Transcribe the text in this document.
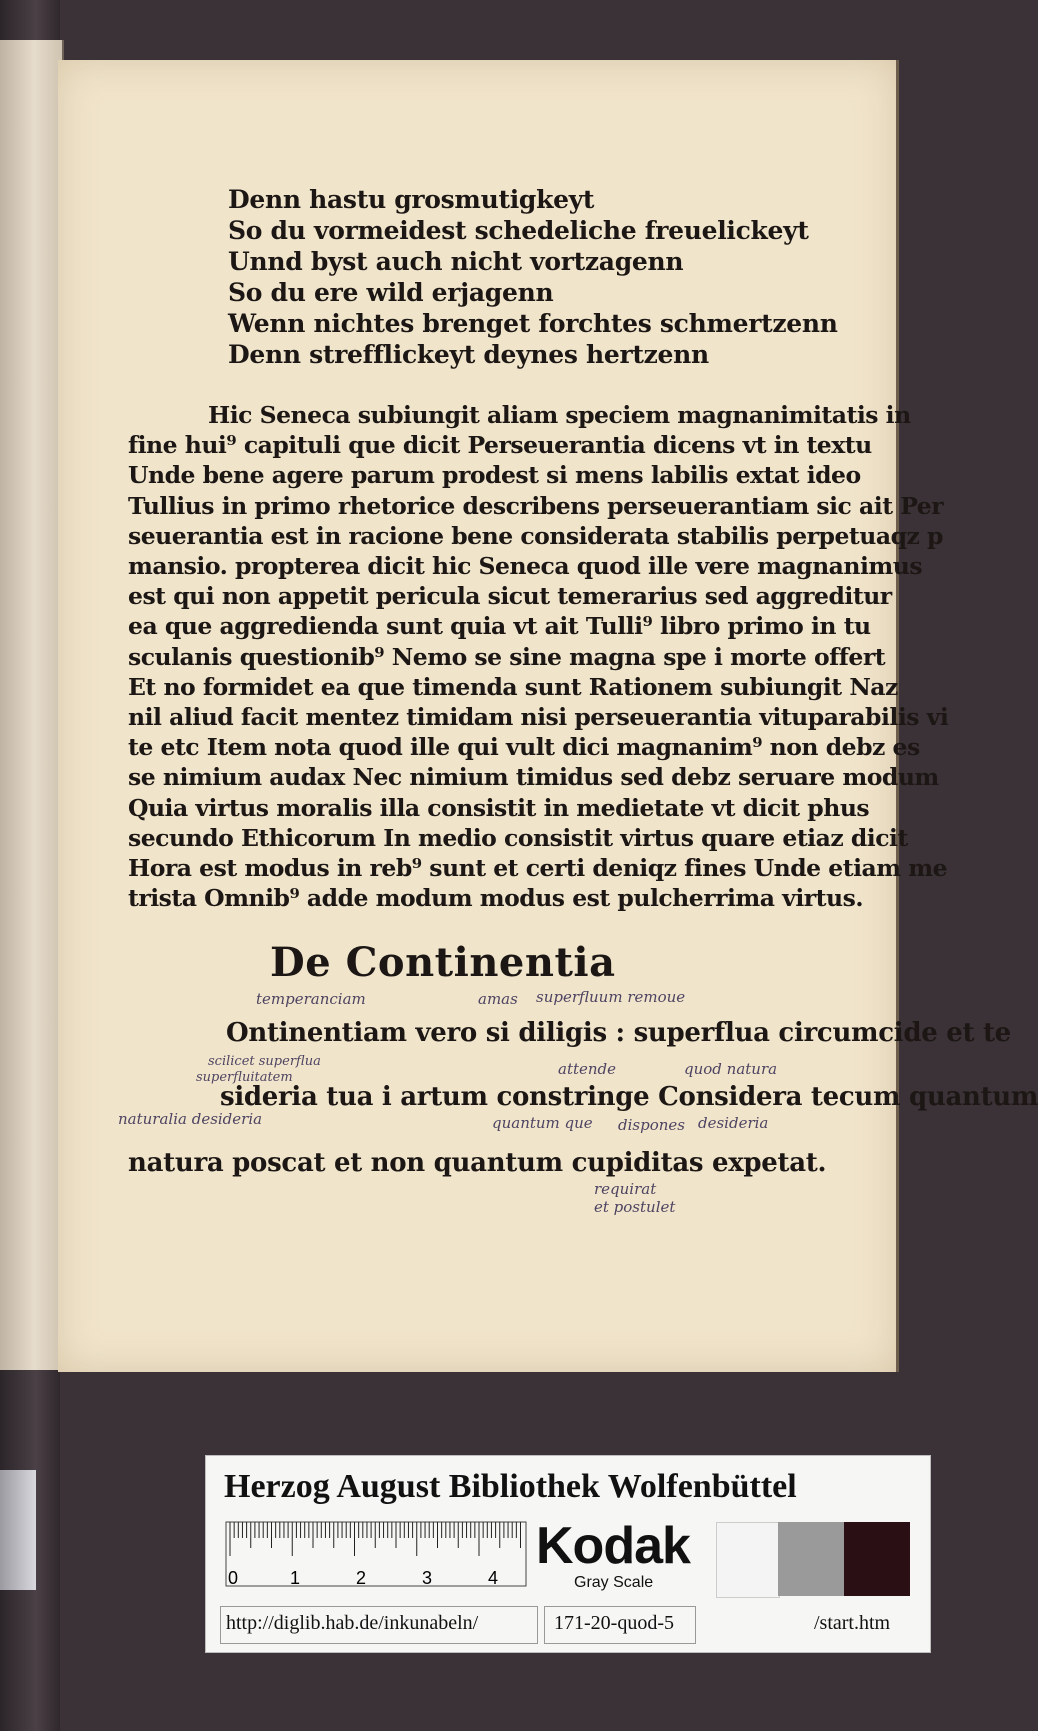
Denn hastu grosmutigkeyt
So du vormeidest schedeliche freuelickeyt
Unnd byst auch nicht vortzagenn
So du ere wild erjagenn
Wenn nichtes brenget forchtes schmertzenn
Denn strefflickeyt deynes hertzenn
Hic Seneca subiungit aliam speciem magnanimitatis in
fine hui⁹ capituli que dicit Perseuerantia dicens vt in textu
Unde bene agere parum prodest si mens labilis extat ideo
Tullius in primo rhetorice describens perseuerantiam sic ait Per
seuerantia est in racione bene considerata stabilis perpetuaqz p
mansio. propterea dicit hic Seneca quod ille vere magnanimus
est qui non appetit pericula sicut temerarius sed aggreditur
ea que aggredienda sunt quia vt ait Tulli⁹ libro primo in tu
sculanis questionib⁹ Nemo se sine magna spe i morte offert
Et no formidet ea que timenda sunt Rationem subiungit Naz
nil aliud facit mentez timidam nisi perseuerantia vituparabilis vi
te etc Item nota quod ille qui vult dici magnanim⁹ non debz es
se nimium audax Nec nimium timidus sed debz seruare modum
Quia virtus moralis illa consistit in medietate vt dicit phus
secundo Ethicorum In medio consistit virtus quare etiaz dicit
Hora est modus in reb⁹ sunt et certi deniqz fines Unde etiam me
trista Omnib⁹ adde modum modus est pulcherrima virtus.
De Continentia
temperanciam	amas superfluum remoue
Ontinentiam vero si diligis : superflua circumcide et te
scilicet superflua
superfluitatem	attende	quod natura
sideria tua i artum constringe Considera tecum quantum
naturalia desideria	quantum que dispones desideria
natura poscat et non quantum cupiditas expetat.
requirat
et postulet
Herzog August Bibliothek Wolfenbüttel
0	1	2	3	4
Kodak
Gray Scale
http://diglib.hab.de/inkunabeln/	171-20-quod-5	/start.htm
